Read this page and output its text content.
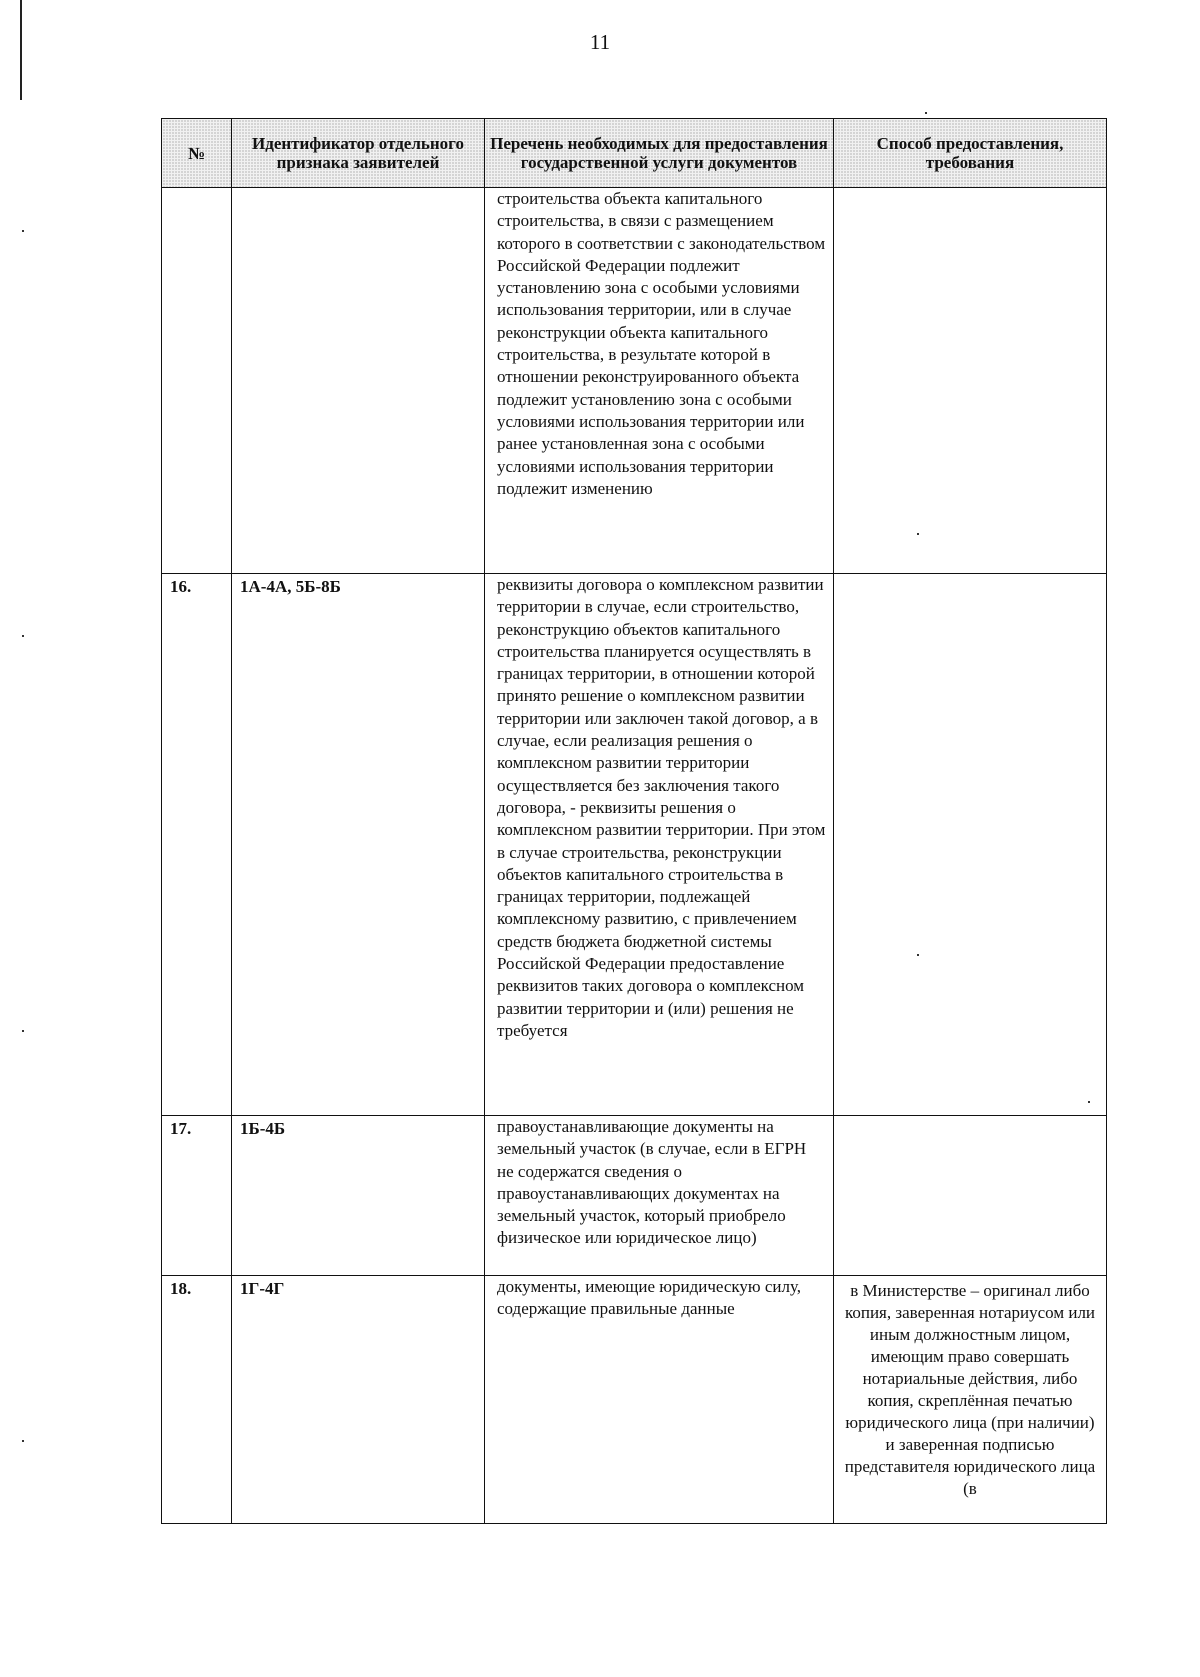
11
№	Идентификатор отдельного признака заявителей	Перечень необходимых для предоставления государственной услуги документов	Способ предоставления, требования
		строительства объекта капитального строительства, в связи с размещением которого в соответствии с законодательством Российской Федерации подлежит установлению зона с особыми условиями использования территории, или в случае реконструкции объекта капитального строительства, в результате которой в отношении реконструированного объекта подлежит установлению зона с особыми условиями использования территории или ранее установленная зона с особыми условиями использования территории подлежит изменению	
16.	1А-4А, 5Б-8Б	реквизиты договора о комплексном развитии территории в случае, если строительство, реконструкцию объектов капитального строительства планируется осуществлять в границах территории, в отношении которой принято решение о комплексном развитии территории или заключен такой договор, а в случае, если реализация решения о комплексном развитии территории осуществляется без заключения такого договора, - реквизиты решения о комплексном развитии территории. При этом в случае строительства, реконструкции объектов капитального строительства в границах территории, подлежащей комплексному развитию, с привлечением средств бюджета бюджетной системы Российской Федерации предоставление реквизитов таких договора о комплексном развитии территории и (или) решения не требуется	
17.	1Б-4Б	правоустанавливающие документы на земельный участок (в случае, если в ЕГРН не содержатся сведения о правоустанавливающих документах на земельный участок, который приобрело физическое или юридическое лицо)	
18.	1Г-4Г	документы, имеющие юридическую силу, содержащие правильные данные	в Министерстве – оригинал либо копия, заверенная нотариусом или иным должностным лицом, имеющим право совершать нотариальные действия, либо копия, скреплённая печатью юридического лица (при наличии) и заверенная подписью представителя юридического лица (в
